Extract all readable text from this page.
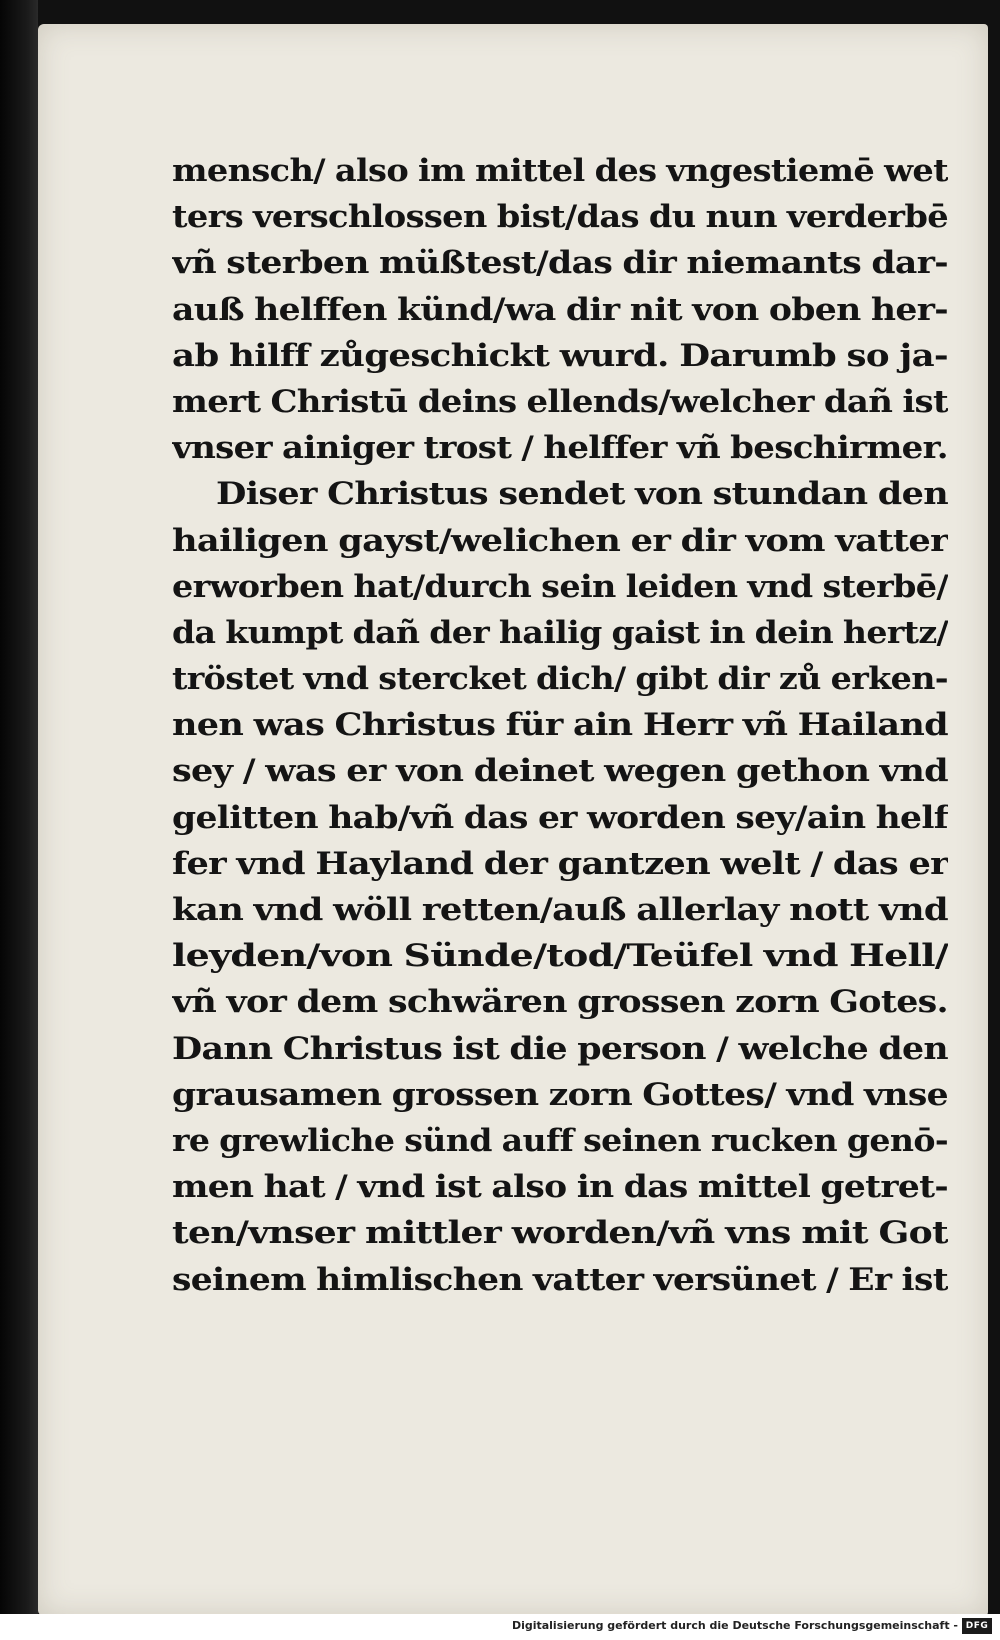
mensch/ also im mittel des vngestiemē wet
ters verschlossen bist/das du nun verderbē
vñ sterben müßtest/das dir niemants dar-
auß helffen künd/wa dir nit von oben her-
ab hilff zůgeschickt wurd. Darumb so ja-
mert Christū deins ellends/welcher dañ ist
vnser ainiger trost / helffer vñ beschirmer.
Diser Christus sendet von stundan den
hailigen gayst/welichen er dir vom vatter
erworben hat/durch sein leiden vnd sterbē/
da kumpt dañ der hailig gaist in dein hertz/
tröstet vnd stercket dich/ gibt dir zů erken-
nen was Christus für ain Herr vñ Hailand
sey / was er von deinet wegen gethon vnd
gelitten hab/vñ das er worden sey/ain helf
fer vnd Hayland der gantzen welt / das er
kan vnd wöll retten/auß allerlay nott vnd
leyden/von Sünde/tod/Teüfel vnd Hell/
vñ vor dem schwären grossen zorn Gotes.
Dann Christus ist die person / welche den
grausamen grossen zorn Gottes/ vnd vnse
re grewliche sünd auff seinen rucken genō-
men hat / vnd ist also in das mittel getret-
ten/vnser mittler worden/vñ vns mit Got
seinem himlischen vatter versünet / Er ist
Digitalisierung gefördert durch die Deutsche Forschungsgemeinschaft - DFG
